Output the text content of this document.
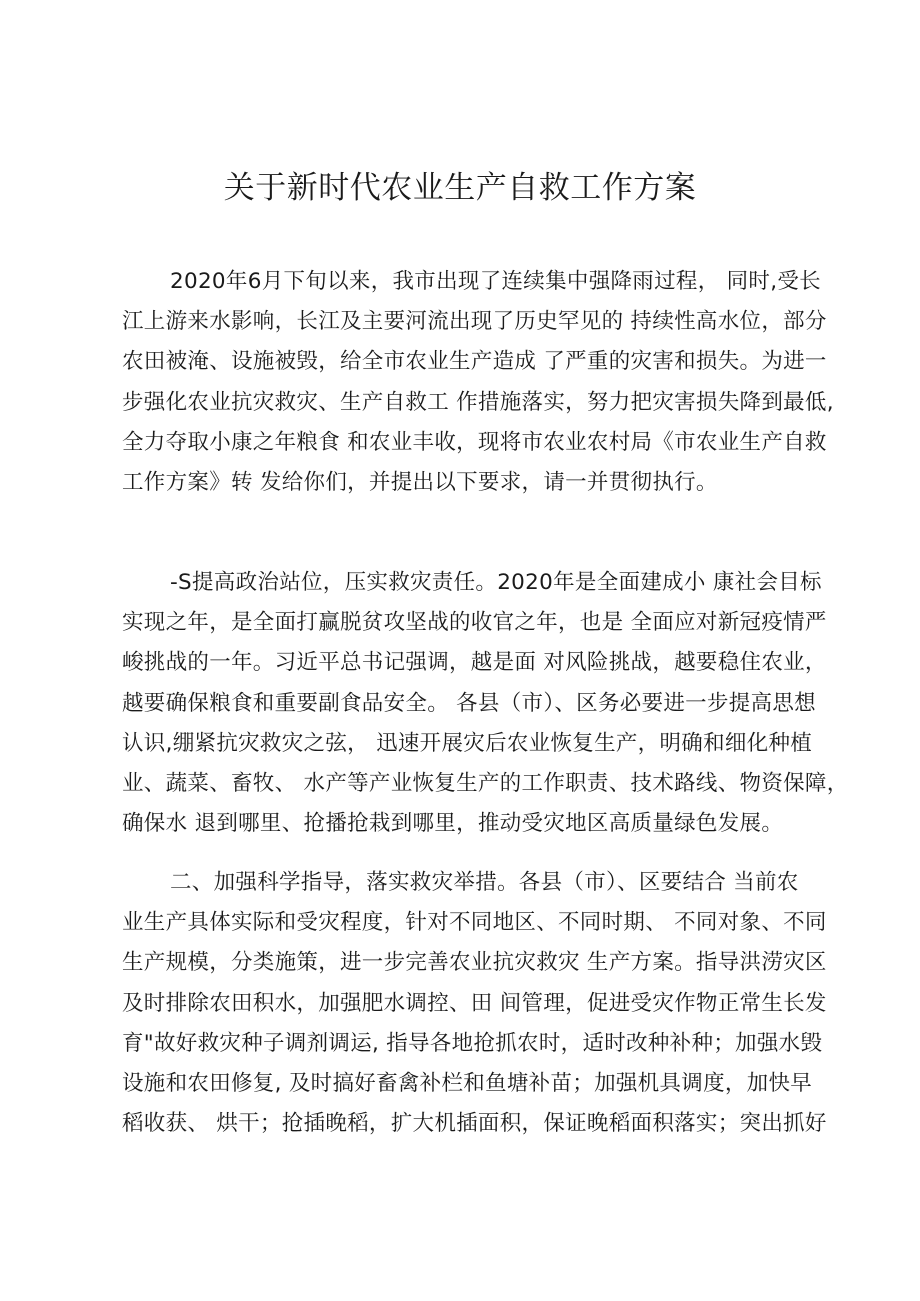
关于新时代农业生产自救工作方案
2020年6月下旬以来，我市出现了连续集中强降雨过程， 同时,受长
江上游来水影响，长江及主要河流出现了历史罕见的 持续性高水位，部分
农田被淹、设施被毁，给全市农业生产造成 了严重的灾害和损失。为进一
步强化农业抗灾救灾、生产自救工 作措施落实，努力把灾害损失降到最低,
全力夺取小康之年粮食 和农业丰收，现将市农业农村局《市农业生产自救
工作方案》转 发给你们，并提出以下要求，请一并贯彻执行。
-S提高政治站位，压实救灾责任。2020年是全面建成小 康社会目标
实现之年，是全面打赢脱贫攻坚战的收官之年，也是 全面应对新冠疫情严
峻挑战的一年。习近平总书记强调，越是面 对风险挑战，越要稳住农业，
越要确保粮食和重要副食品安全。 各县（市）、区务必要进一步提高思想
认识,绷紧抗灾救灾之弦， 迅速开展灾后农业恢复生产，明确和细化种植
业、蔬菜、畜牧、 水产等产业恢复生产的工作职责、技术路线、物资保障，
确保水 退到哪里、抢播抢栽到哪里，推动受灾地区高质量绿色发展。
二、加强科学指导，落实救灾举措。各县（市）、区要结合 当前农
业生产具体实际和受灾程度，针对不同地区、不同时期、 不同对象、不同
生产规模，分类施策，进一步完善农业抗灾救灾 生产方案。指导洪涝灾区
及时排除农田积水，加强肥水调控、田 间管理，促进受灾作物正常生长发
育"故好救灾种子调剂调运, 指导各地抢抓农时，适时改种补种；加强水毁
设施和农田修复, 及时搞好畜禽补栏和鱼塘补苗；加强机具调度，加快早
稻收获、 烘干；抢插晚稻，扩大机插面积，保证晚稻面积落实；突出抓好
